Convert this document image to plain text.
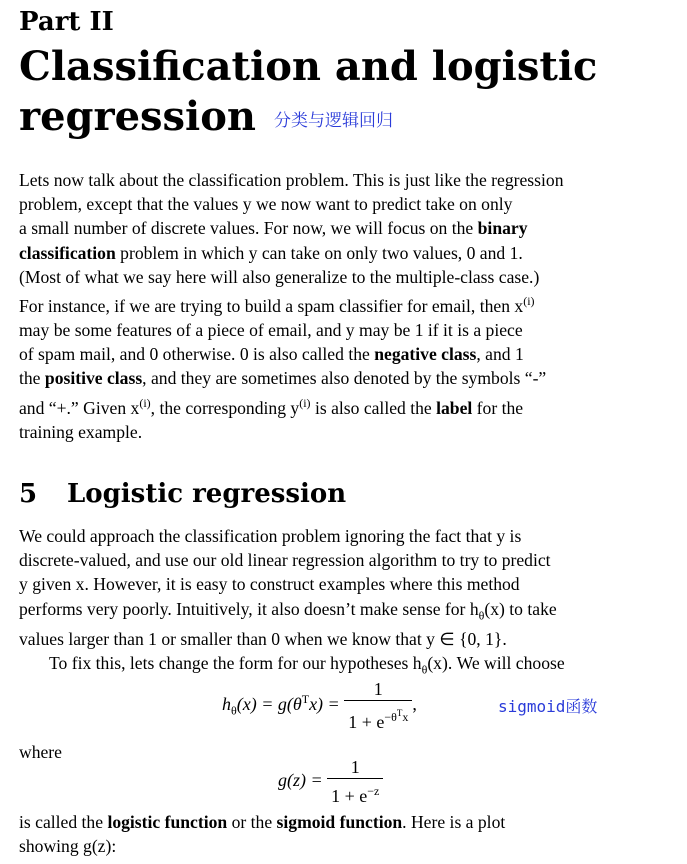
Part II
Classification and logistic
regression 分类与逻辑回归

Lets now talk about the classification problem. This is just like the regression

problem, except that the values y we now want to predict take on only

a small number of discrete values. For now, we will focus on the binary

classification problem in which y can take on only two values, 0 and 1.

(Most of what we say here will also generalize to the multiple-class case.)

For instance, if we are trying to build a spam classifier for email, then $x^{(i)}$

may be some features of a piece of email, and y may be 1 if it is a piece

of spam mail, and 0 otherwise. 0 is also called the negative class, and 1

the positive class, and they are sometimes also denoted by the symbols “-”

and “+.” Given $x^{(i)}$, the corresponding $y^{(i)}$ is also called the label for the

training example.

5 Logistic regression

We could approach the classification problem ignoring the fact that y is

discrete-valued, and use our old linear regression algorithm to try to predict

y given x. However, it is easy to construct examples where this method

performs very poorly. Intuitively, it also doesn’t make sense for $h_\theta(x)$ to take

values larger than 1 or smaller than 0 when we know that y ∈ {0, 1}.

To fix this, lets change the form for our hypotheses $h_\theta(x)$. We will choose

$h_\theta(x) = g(\theta^Tx) = \frac{1}{1 + e^{-\theta^Tx}}$ ,	sigmoid函数
where
$g(z) = \frac{1}{1 + e^{-z}}$

is called the logistic function or the sigmoid function. Here is a plot

showing g(z):
